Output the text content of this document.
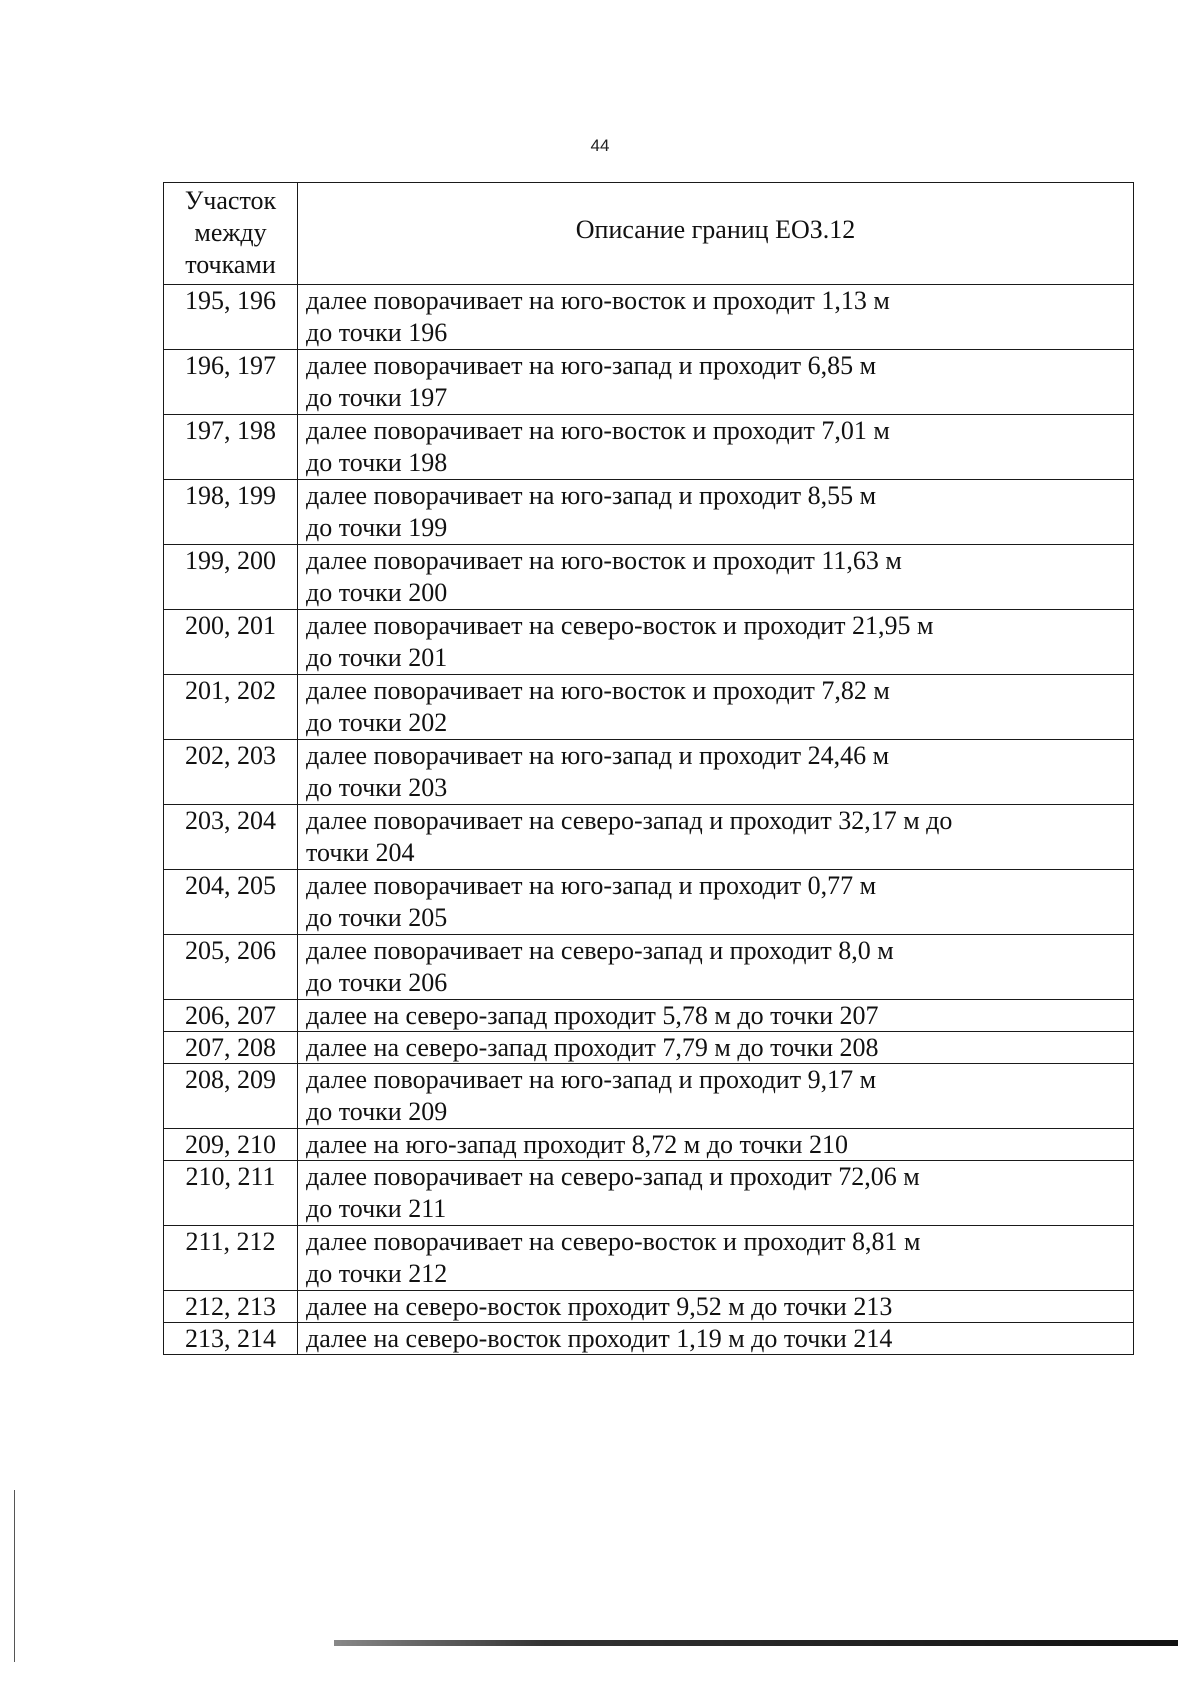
44
Участок
между
точками	Описание границ ЕОЗ.12
195, 196	далее поворачивает на юго-восток и проходит 1,13 м
до точки 196
196, 197	далее поворачивает на юго-запад и проходит 6,85 м
до точки 197
197, 198	далее поворачивает на юго-восток и проходит 7,01 м
до точки 198
198, 199	далее поворачивает на юго-запад и проходит 8,55 м
до точки 199
199, 200	далее поворачивает на юго-восток и проходит 11,63 м
до точки 200
200, 201	далее поворачивает на северо-восток и проходит 21,95 м
до точки 201
201, 202	далее поворачивает на юго-восток и проходит 7,82 м
до точки 202
202, 203	далее поворачивает на юго-запад и проходит 24,46 м
до точки 203
203, 204	далее поворачивает на северо-запад и проходит 32,17 м до
точки 204
204, 205	далее поворачивает на юго-запад и проходит 0,77 м
до точки 205
205, 206	далее поворачивает на северо-запад и проходит 8,0 м
до точки 206
206, 207	далее на северо-запад проходит 5,78 м до точки 207
207, 208	далее на северо-запад проходит 7,79 м до точки 208
208, 209	далее поворачивает на юго-запад и проходит 9,17 м
до точки 209
209, 210	далее на юго-запад проходит 8,72 м до точки 210
210, 211	далее поворачивает на северо-запад и проходит 72,06 м
до точки 211
211, 212	далее поворачивает на северо-восток и проходит 8,81 м
до точки 212
212, 213	далее на северо-восток проходит 9,52 м до точки 213
213, 214	далее на северо-восток проходит 1,19 м до точки 214
